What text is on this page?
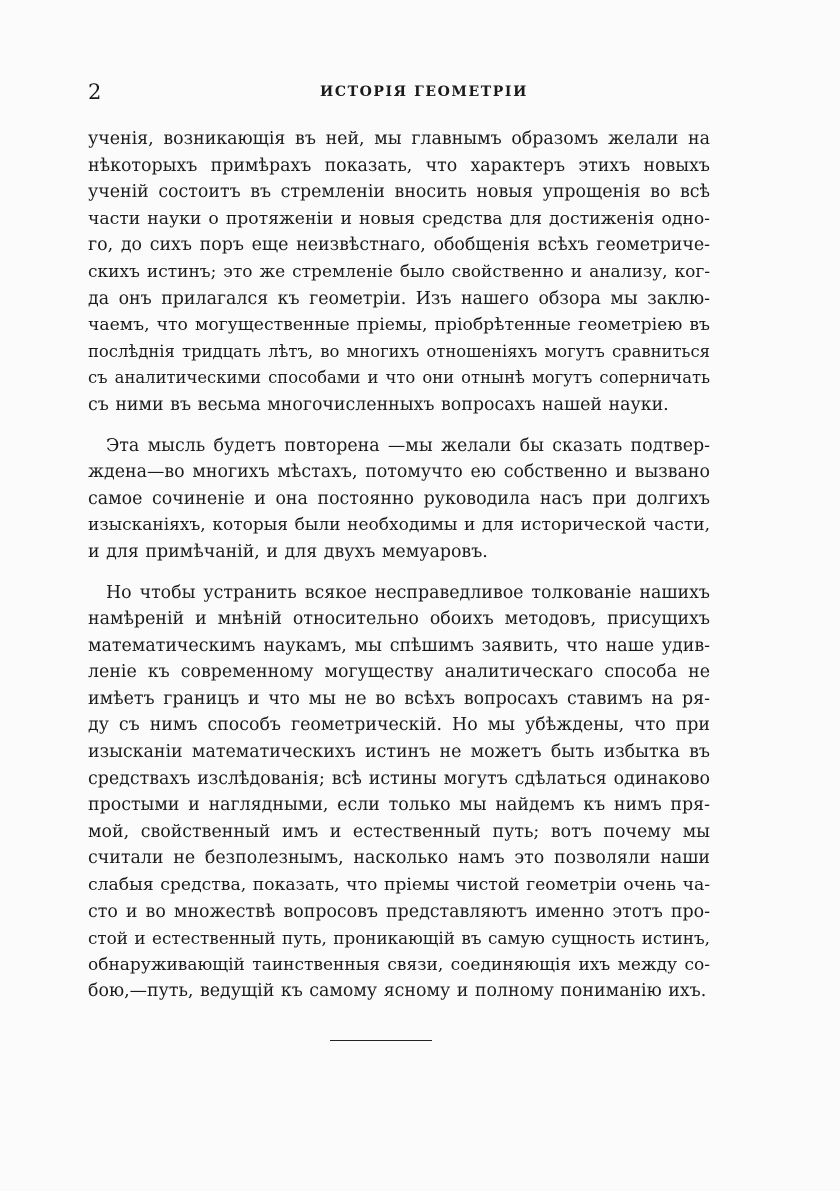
2	ИСТОРІЯ ГЕОМЕТРІИ
ученія, возникающія въ ней, мы главнымъ образомъ желали на
нѣкоторыхъ примѣрахъ показать, что характеръ этихъ новыхъ
ученій состоитъ въ стремленіи вносить новыя упрощенія во всѣ
части науки о протяженіи и новыя средства для достиженія одно-
го, до сихъ поръ еще неизвѣстнаго, обобщенія всѣхъ геометриче-
скихъ истинъ; это же стремленіе было свойственно и анализу, ког-
да онъ прилагался къ геометріи. Изъ нашего обзора мы заклю-
чаемъ, что могущественные пріемы, пріобрѣтенные геометріею въ
послѣднія тридцать лѣтъ, во многихъ отношеніяхъ могутъ сравниться
съ аналитическими способами и что они отнынѣ могутъ соперничать
съ ними въ весьма многочисленныхъ вопросахъ нашей науки.
Эта мысль будетъ повторена —мы желали бы сказать подтвер-
ждена—во многихъ мѣстахъ, потомучто ею собственно и вызвано
самое сочиненіе и она постоянно руководила насъ при долгихъ
изысканіяхъ, которыя были необходимы и для исторической части,
и для примѣчаній, и для двухъ мемуаровъ.
Но чтобы устранить всякое несправедливое толкованіе нашихъ
намѣреній и мнѣній относительно обоихъ методовъ, присущихъ
математическимъ наукамъ, мы спѣшимъ заявить, что наше удив-
леніе къ современному могуществу аналитическаго способа не
имѣетъ границъ и что мы не во всѣхъ вопросахъ ставимъ на ря-
ду съ нимъ способъ геометрическій. Но мы убѣждены, что при
изысканіи математическихъ истинъ не можетъ быть избытка въ
средствахъ изслѣдованія; всѣ истины могутъ сдѣлаться одинаково
простыми и наглядными, если только мы найдемъ къ нимъ пря-
мой, свойственный имъ и естественный путь; вотъ почему мы
считали не безполезнымъ, насколько намъ это позволяли наши
слабыя средства, показать, что пріемы чистой геометріи очень ча-
сто и во множествѣ вопросовъ представляютъ именно этотъ про-
стой и естественный путь, проникающій въ самую сущность истинъ,
обнаруживающій таинственныя связи, соединяющія ихъ между со-
бою,—путь, ведущій къ самому ясному и полному пониманію ихъ.
